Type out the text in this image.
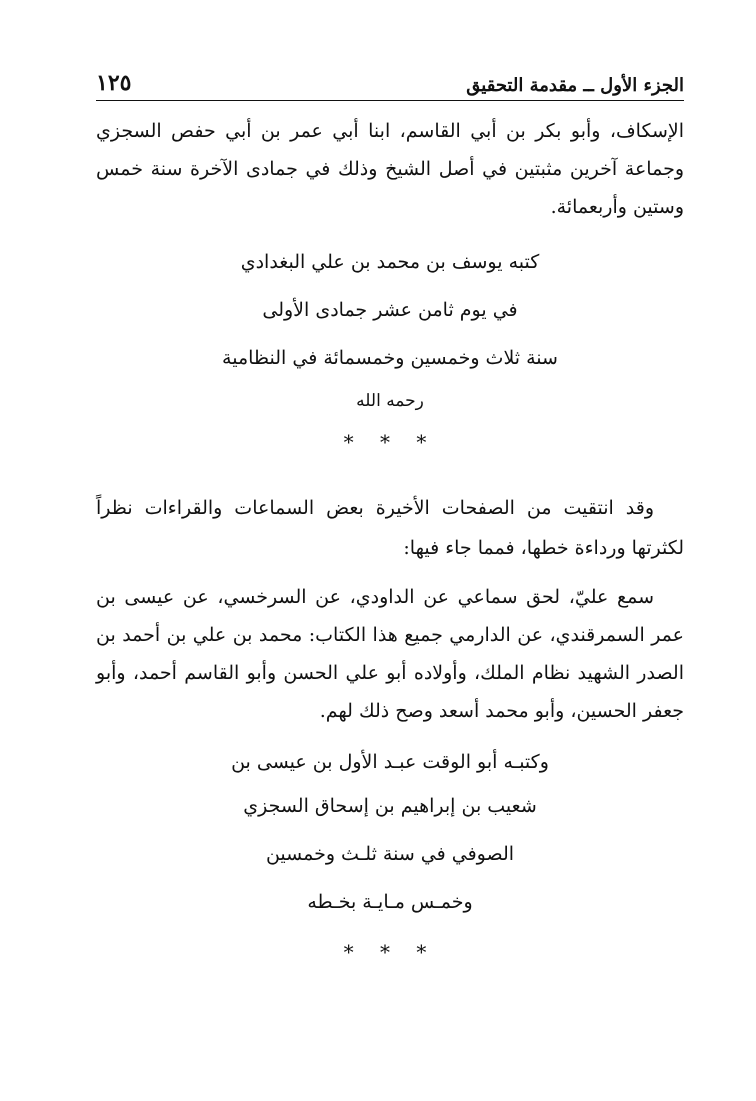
الجزء الأول ــ مقدمة التحقيق
١٢٥

الإسكاف، وأبو بكر بن أبي القاسم، ابنا أبي عمر بن أبي حفص السجزي وجماعة آخرين مثبتين في أصل الشيخ وذلك في جمادى الآخرة سنة خمس وستين وأربعمائة.

كتبه يوسف بن محمد بن علي البغدادي
في يوم ثامن عشر جمادى الأولى
سنة ثلاث وخمسين وخمسمائة في النظامية
رحمه الله
* * *

وقد انتقيت من الصفحات الأخيرة بعض السماعات والقراءات نظراً لكثرتها ورداءة خطها، فمما جاء فيها:

سمع عليّ، لحق سماعي عن الداودي، عن السرخسي، عن عيسى بن عمر السمرقندي، عن الدارمي جميع هذا الكتاب: محمد بن علي بن أحمد بن الصدر الشهيد نظام الملك، وأولاده أبو علي الحسن وأبو القاسم أحمد، وأبو جعفر الحسين، وأبو محمد أسعد وصح ذلك لهم.

وكتبـه أبو الوقت عبـد الأول بن عيسى بن
شعيب بن إبراهيم بن إسحاق السجزي
الصوفي في سنة ثلـث وخمسين
وخمـس مـايـة بخـطه
* * *
